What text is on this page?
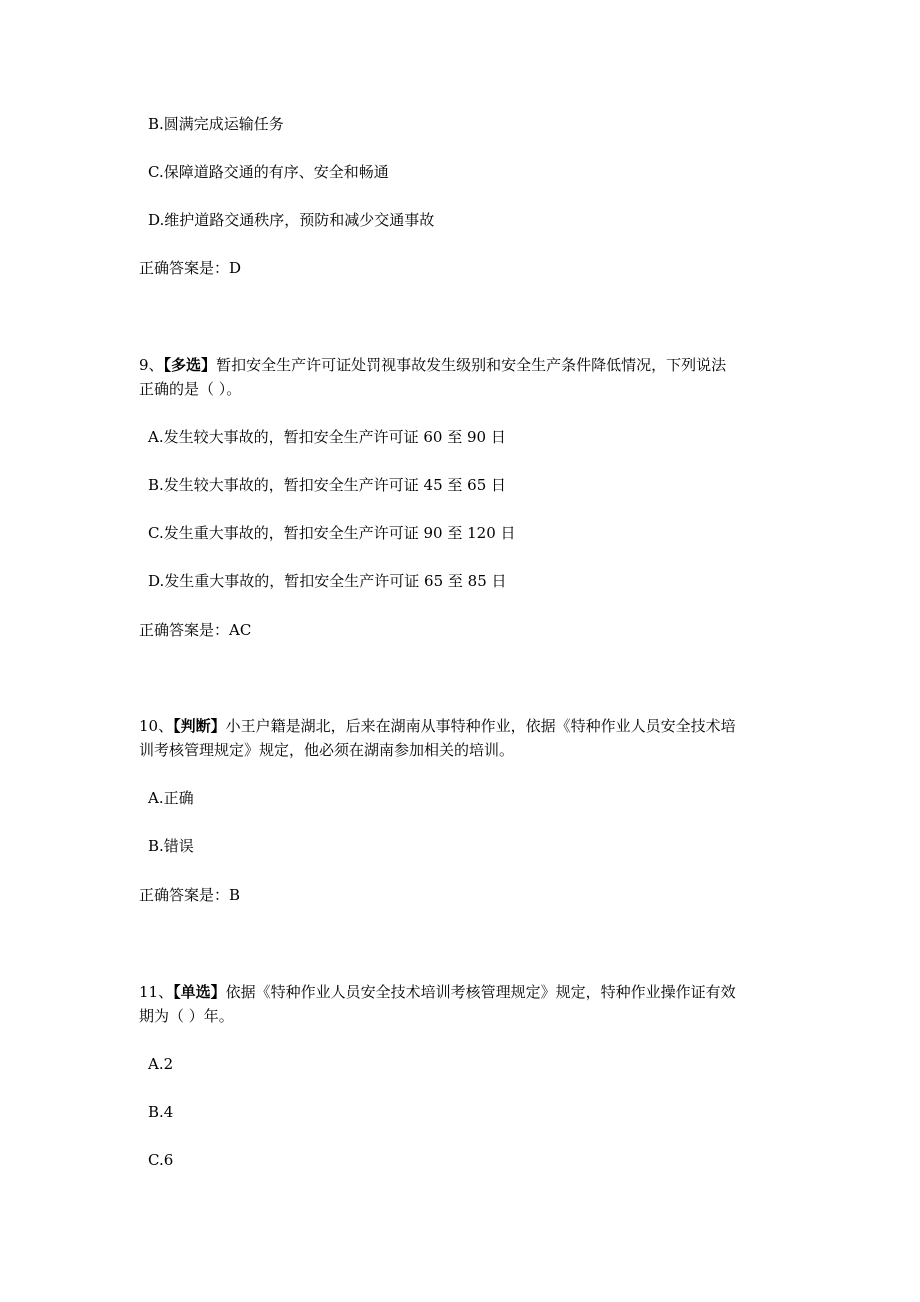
B.圆满完成运输任务
C.保障道路交通的有序、安全和畅通
D.维护道路交通秩序，预防和减少交通事故
正确答案是：D
9、【多选】暂扣安全生产许可证处罚视事故发生级别和安全生产条件降低情况，下列说法
正确的是（ ）。
A.发生较大事故的，暂扣安全生产许可证 60 至 90 日
B.发生较大事故的，暂扣安全生产许可证 45 至 65 日
C.发生重大事故的，暂扣安全生产许可证 90 至 120 日
D.发生重大事故的，暂扣安全生产许可证 65 至 85 日
正确答案是：AC
10、【判断】小王户籍是湖北，后来在湖南从事特种作业，依据《特种作业人员安全技术培
训考核管理规定》规定，他必须在湖南参加相关的培训。
A.正确
B.错误
正确答案是：B
11、【单选】依据《特种作业人员安全技术培训考核管理规定》规定，特种作业操作证有效
期为（ ）年。
A.2
B.4
C.6
